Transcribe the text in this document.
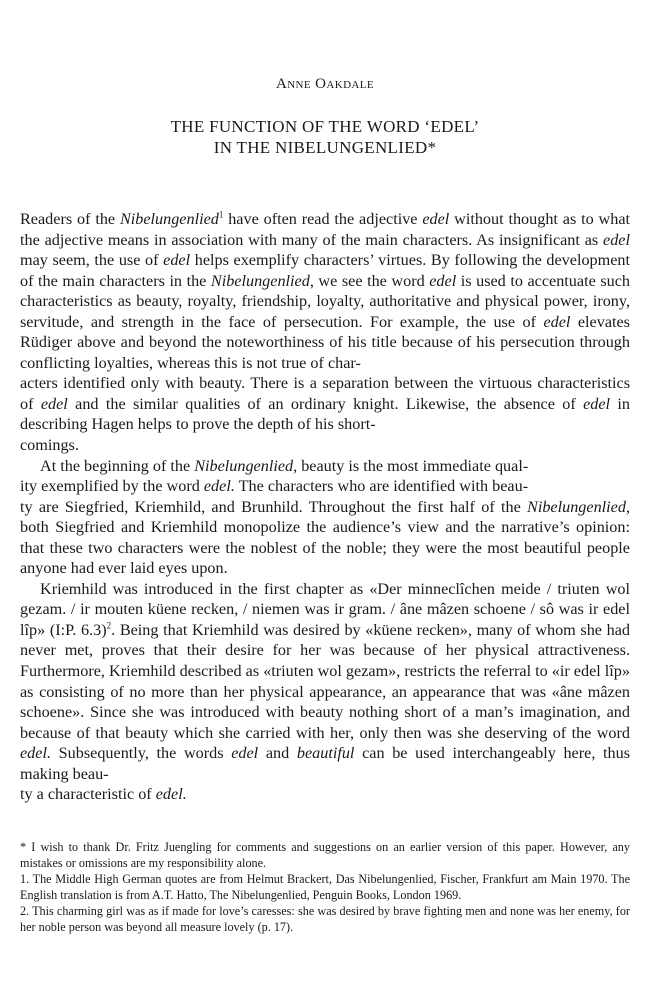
Anne Oakdale
THE FUNCTION OF THE WORD ‘EDEL’
IN THE NIBELUNGENLIED*

Readers of the Nibelungenlied$^1$ have often read the adjective edel without thought as to what the adjective means in association with many of the main characters. As insignificant as edel may seem, the use of edel helps exemplify characters’ virtues. By following the development of the main characters in the Nibelungenlied, we see the word edel is used to accentuate such characteristics as beauty, royalty, friendship, loyalty, authoritative and physical power, irony, servitude, and strength in the face of persecution. For example, the use of edel elevates Rüdiger above and beyond the noteworthiness of his title because of his persecution through conflicting loyalties, whereas this is not true of char-
acters identified only with beauty. There is a separation between the virtuous characteristics of edel and the similar qualities of an ordinary knight. Likewise, the absence of edel in describing Hagen helps to prove the depth of his short-
comings.

At the beginning of the Nibelungenlied, beauty is the most immediate qual-
ity exemplified by the word edel. The characters who are identified with beau-
ty are Siegfried, Kriemhild, and Brunhild. Throughout the first half of the Nibelungenlied, both Siegfried and Kriemhild monopolize the audience’s view and the narrative’s opinion: that these two characters were the noblest of the noble; they were the most beautiful people anyone had ever laid eyes upon.

Kriemhild was introduced in the first chapter as «Der minneclîchen meide / triuten wol gezam. / ir mouten küene recken, / niemen was ir gram. / âne mâzen schoene / sô was ir edel lîp» (I:P. 6.3)$^2$. Being that Kriemhild was desired by «küene recken», many of whom she had never met, proves that their desire for her was because of her physical attractiveness. Furthermore, Kriemhild described as «triuten wol gezam», restricts the referral to «ir edel lîp» as consisting of no more than her physical appearance, an appearance that was «âne mâzen schoene». Since she was introduced with beauty nothing short of a man’s imagination, and because of that beauty which she carried with her, only then was she deserving of the word edel. Subsequently, the words edel and beautiful can be used interchangeably here, thus making beau-
ty a characteristic of edel.

* I wish to thank Dr. Fritz Juengling for comments and suggestions on an earlier version of this paper. However, any mistakes or omissions are my responsibility alone.

1. The Middle High German quotes are from Helmut Brackert, Das Nibelungenlied, Fischer, Frankfurt am Main 1970. The English translation is from A.T. Hatto, The Nibelungenlied, Penguin Books, London 1969.

2. This charming girl was as if made for love’s caresses: she was desired by brave fighting men and none was her enemy, for her noble person was beyond all measure lovely (p. 17).
